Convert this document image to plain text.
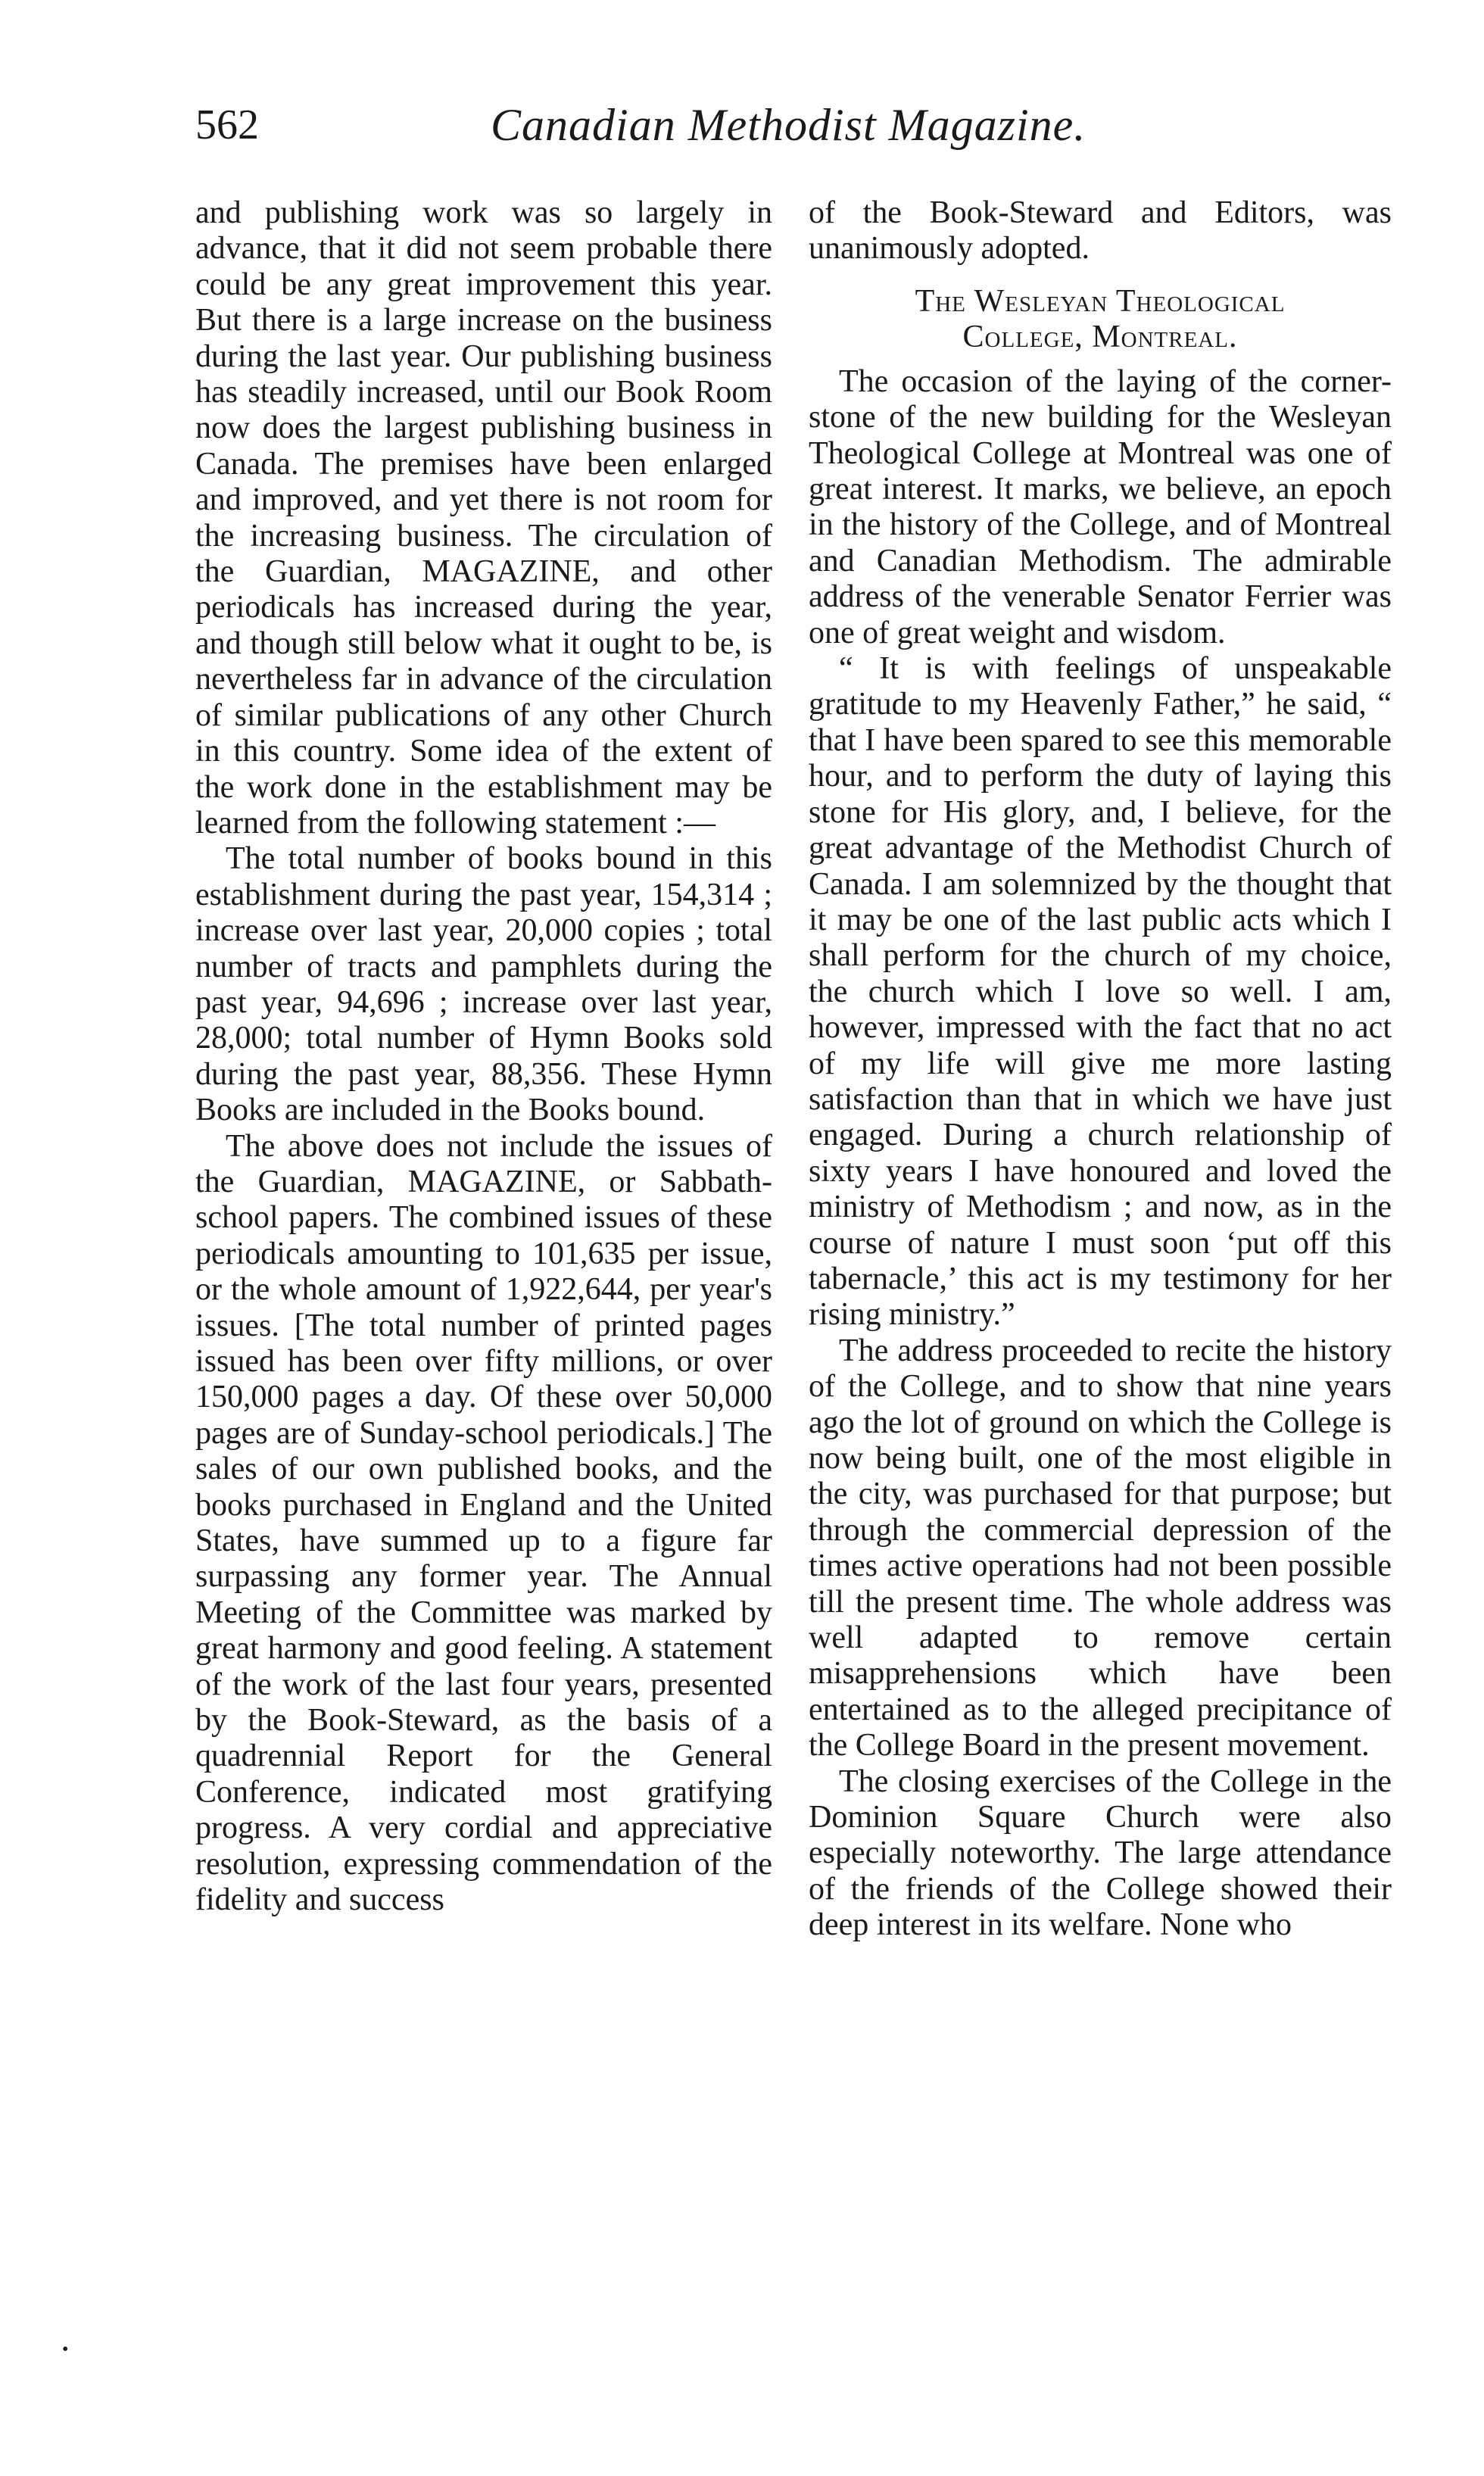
562	Canadian Methodist Magazine.

and publishing work was so largely in advance, that it did not seem probable there could be any great improvement this year. But there is a large increase on the business during the last year. Our publishing business has steadily increased, until our Book Room now does the largest publishing business in Canada. The premises have been enlarged and improved, and yet there is not room for the increasing business. The circulation of the Guardian, MAGAZINE, and other periodicals has increased during the year, and though still below what it ought to be, is nevertheless far in advance of the circulation of similar publications of any other Church in this country. Some idea of the extent of the work done in the establishment may be learned from the following statement :—

The total number of books bound in this establishment during the past year, 154,314 ; increase over last year, 20,000 copies ; total number of tracts and pamphlets during the past year, 94,696 ; increase over last year, 28,000; total number of Hymn Books sold during the past year, 88,356. These Hymn Books are included in the Books bound.

The above does not include the issues of the Guardian, MAGAZINE, or Sabbath-school papers. The combined issues of these periodicals amounting to 101,635 per issue, or the whole amount of 1,922,644, per year's issues. [The total number of printed pages issued has been over fifty millions, or over 150,000 pages a day. Of these over 50,000 pages are of Sunday-school periodicals.] The sales of our own published books, and the books purchased in England and the United States, have summed up to a figure far surpassing any former year. The Annual Meeting of the Committee was marked by great harmony and good feeling. A statement of the work of the last four years, presented by the Book-Steward, as the basis of a quadrennial Report for the General Conference, indicated most gratifying progress. A very cordial and appreciative resolution, expressing commendation of the fidelity and success

of the Book-Steward and Editors, was unanimously adopted.

The Wesleyan Theological
College, Montreal.

The occasion of the laying of the corner-stone of the new building for the Wesleyan Theological College at Montreal was one of great interest. It marks, we believe, an epoch in the history of the College, and of Montreal and Canadian Methodism. The admirable address of the venerable Senator Ferrier was one of great weight and wisdom.

“ It is with feelings of unspeakable gratitude to my Heavenly Father,” he said, “ that I have been spared to see this memorable hour, and to perform the duty of laying this stone for His glory, and, I believe, for the great advantage of the Methodist Church of Canada. I am solemnized by the thought that it may be one of the last public acts which I shall perform for the church of my choice, the church which I love so well. I am, however, impressed with the fact that no act of my life will give me more lasting satisfaction than that in which we have just engaged. During a church relationship of sixty years I have honoured and loved the ministry of Methodism ; and now, as in the course of nature I must soon ‘put off this tabernacle,’ this act is my testimony for her rising ministry.”

The address proceeded to recite the history of the College, and to show that nine years ago the lot of ground on which the College is now being built, one of the most eligible in the city, was purchased for that purpose; but through the commercial depression of the times active operations had not been possible till the present time. The whole address was well adapted to remove certain misapprehensions which have been entertained as to the alleged precipitance of the College Board in the present movement.

The closing exercises of the College in the Dominion Square Church were also especially noteworthy. The large attendance of the friends of the College showed their deep interest in its welfare. None who

•
